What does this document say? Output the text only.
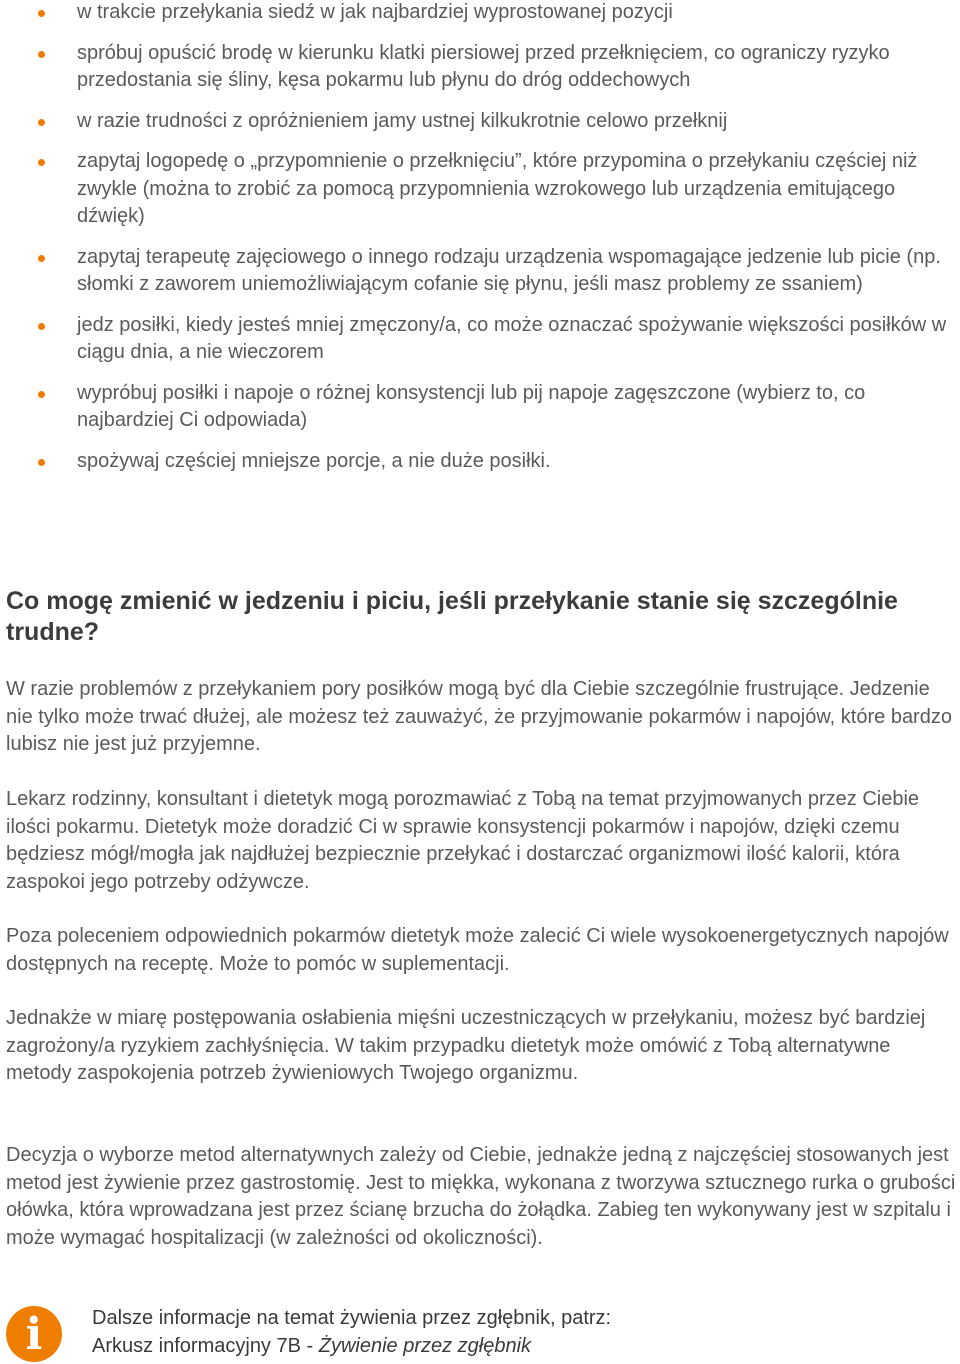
w trakcie przełykania siedź w jak najbardziej wyprostowanej pozycji
spróbuj opuścić brodę w kierunku klatki piersiowej przed przełknięciem, co ograniczy ryzyko przedostania się śliny, kęsa pokarmu lub płynu do dróg oddechowych
w razie trudności z opróżnieniem jamy ustnej kilkukrotnie celowo przełknij
zapytaj logopedę o „przypomnienie o przełknięciu”, które przypomina o przełykaniu częściej niż zwykle (można to zrobić za pomocą przypomnienia wzrokowego lub urządzenia emitującego dźwięk)
zapytaj terapeutę zajęciowego o innego rodzaju urządzenia wspomagające jedzenie lub picie (np. słomki z zaworem uniemożliwiającym cofanie się płynu, jeśli masz problemy ze ssaniem)
jedz posiłki, kiedy jesteś mniej zmęczony/a, co może oznaczać spożywanie większości posiłków w ciągu dnia, a nie wieczorem
wypróbuj posiłki i napoje o różnej konsystencji lub pij napoje zagęszczone (wybierz to, co najbardziej Ci odpowiada)
spożywaj częściej mniejsze porcje, a nie duże posiłki.
Co mogę zmienić w jedzeniu i piciu, jeśli przełykanie stanie się szczególnie trudne?

W razie problemów z przełykaniem pory posiłków mogą być dla Ciebie szczególnie frustrujące. Jedzenie nie tylko może trwać dłużej, ale możesz też zauważyć, że przyjmowanie pokarmów i napojów, które bardzo lubisz nie jest już przyjemne.

Lekarz rodzinny, konsultant i dietetyk mogą porozmawiać z Tobą na temat przyjmowanych przez Ciebie ilości pokarmu. Dietetyk może doradzić Ci w sprawie konsystencji pokarmów i napojów, dzięki czemu będziesz mógł/mogła jak najdłużej bezpiecznie przełykać i dostarczać organizmowi ilość kalorii, która zaspokoi jego potrzeby odżywcze.

Poza poleceniem odpowiednich pokarmów dietetyk może zalecić Ci wiele wysokoenergetycznych napojów dostępnych na receptę. Może to pomóc w suplementacji.

Jednakże w miarę postępowania osłabienia mięśni uczestniczących w przełykaniu, możesz być bardziej zagrożony/a ryzykiem zachłyśnięcia. W takim przypadku dietetyk może omówić z Tobą alternatywne metody zaspokojenia potrzeb żywieniowych Twojego organizmu.

Decyzja o wyborze metod alternatywnych zależy od Ciebie, jednakże jedną z najczęściej stosowanych jest metod jest żywienie przez gastrostomię. Jest to miękka, wykonana z tworzywa sztucznego rurka o grubości ołówka, która wprowadzana jest przez ścianę brzucha do żołądka. Zabieg ten wykonywany jest w szpitalu i może wymagać hospitalizacji (w zależności od okoliczności).

i Dalsze informacje na temat żywienia przez zgłębnik, patrz:
Arkusz informacyjny 7B - Żywienie przez zgłębnik
